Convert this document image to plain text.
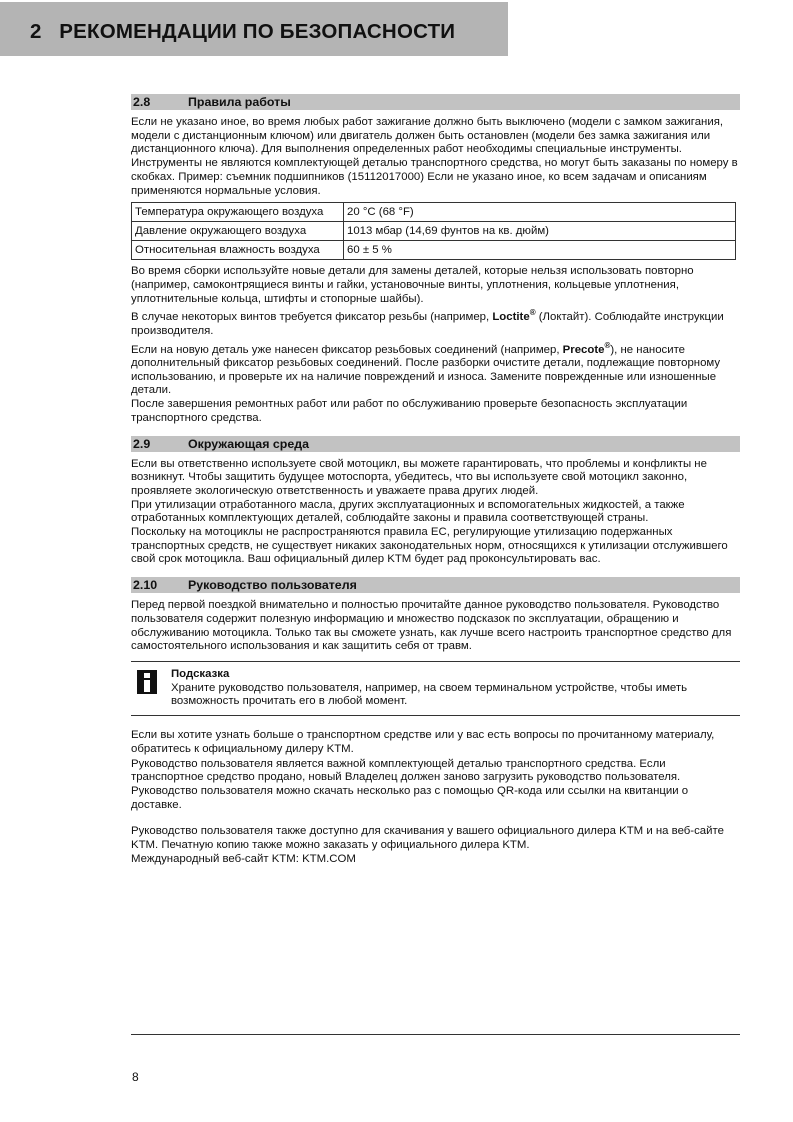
2 РЕКОМЕНДАЦИИ ПО БЕЗОПАСНОСТИ
2.8	Правила работы

Если не указано иное, во время любых работ зажигание должно быть выключено (модели с замком зажигания, модели с дистанционным ключом) или двигатель должен быть остановлен (модели без замка зажигания или дистанционного ключа). Для выполнения определенных работ необходимы специальные инструменты. Инструменты не являются комплектующей деталью транспортного средства, но могут быть заказаны по номеру в скобках. Пример: съемник подшипников (15112017000) Если не указано иное, ко всем задачам и описаниям применяются нормальные условия.

Температура окружающего воздуха	20 °C (68 °F)
Давление окружающего воздуха	1013 мбар (14,69 фунтов на кв. дюйм)
Относительная влажность воздуха	60 ± 5 %

Во время сборки используйте новые детали для замены деталей, которые нельзя использовать повторно (например, самоконтрящиеся винты и гайки, установочные винты, уплотнения, кольцевые уплотнения, уплотнительные кольца, штифты и стопорные шайбы).

В случае некоторых винтов требуется фиксатор резьбы (например, Loctite® (Локтайт). Соблюдайте инструкции производителя.

Если на новую деталь уже нанесен фиксатор резьбовых соединений (например, Precote®), не наносите дополнительный фиксатор резьбовых соединений. После разборки очистите детали, подлежащие повторному использованию, и проверьте их на наличие повреждений и износа. Замените поврежденные или изношенные детали.

После завершения ремонтных работ или работ по обслуживанию проверьте безопасность эксплуатации транспортного средства.

2.9	Окружающая среда

Если вы ответственно используете свой мотоцикл, вы можете гарантировать, что проблемы и конфликты не возникнут. Чтобы защитить будущее мотоспорта, убедитесь, что вы используете свой мотоцикл законно, проявляете экологическую ответственность и уважаете права других людей.

При утилизации отработанного масла, других эксплуатационных и вспомогательных жидкостей, а также отработанных комплектующих деталей, соблюдайте законы и правила соответствующей страны.

Поскольку на мотоциклы не распространяются правила ЕС, регулирующие утилизацию подержанных транспортных средств, не существует никаких законодательных норм, относящихся к утилизации отслужившего свой срок мотоцикла. Ваш официальный дилер KTM будет рад проконсультировать вас.

2.10 Руководство пользователя

Перед первой поездкой внимательно и полностью прочитайте данное руководство пользователя. Руководство пользователя содержит полезную информацию и множество подсказок по эксплуатации, обращению и обслуживанию мотоцикла. Только так вы сможете узнать, как лучше всего настроить транспортное средство для самостоятельного использования и как защитить себя от травм.

Подсказка
Храните руководство пользователя, например, на своем терминальном устройстве, чтобы иметь возможность прочитать его в любой момент.

Если вы хотите узнать больше о транспортном средстве или у вас есть вопросы по прочитанному материалу, обратитесь к официальному дилеру KTM.

Руководство пользователя является важной комплектующей деталью транспортного средства. Если транспортное средство продано, новый Владелец должен заново загрузить руководство пользователя.

Руководство пользователя можно скачать несколько раз с помощью QR-кода или ссылки на квитанции о доставке.

Руководство пользователя также доступно для скачивания у вашего официального дилера KTM и на веб-сайте KTM. Печатную копию также можно заказать у официального дилера KTM.

Международный веб-сайт KTM: KTM.COM

8
